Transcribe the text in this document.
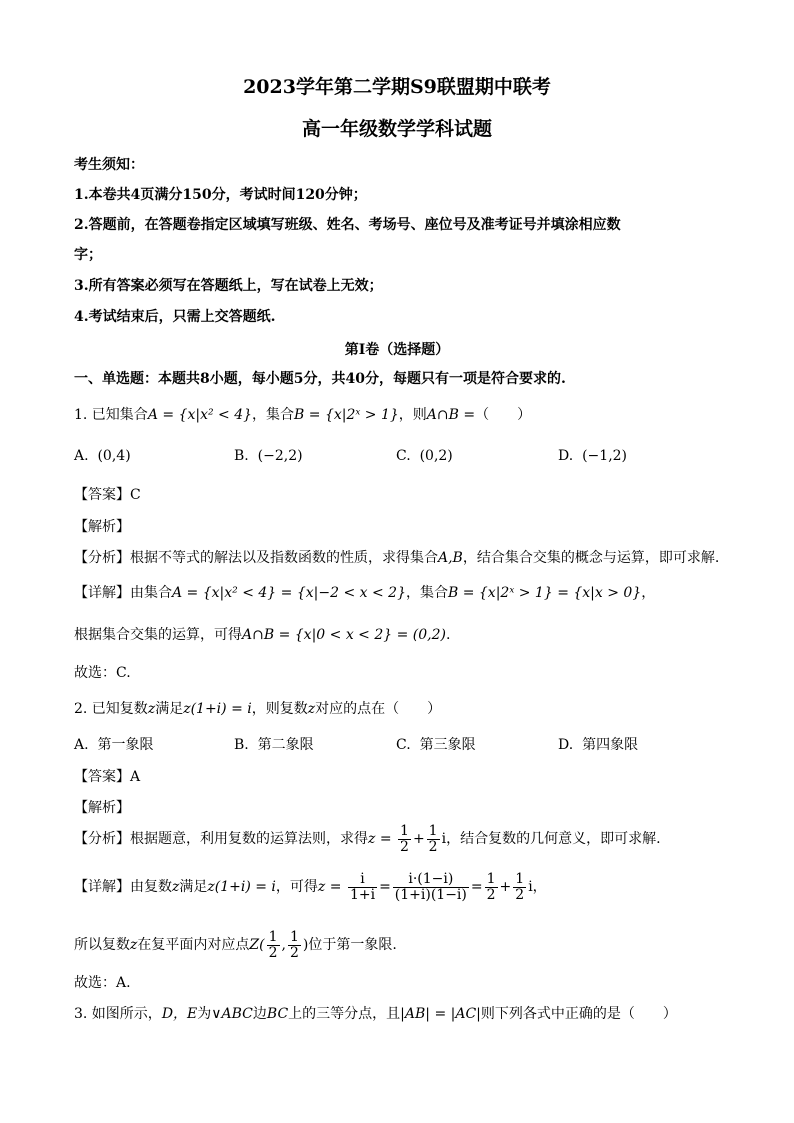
2023学年第二学期S9联盟期中联考
高一年级数学学科试题
考生须知：
1.本卷共4页满分150分，考试时间120分钟；
2.答题前，在答题卷指定区域填写班级、姓名、考场号、座位号及准考证号并填涂相应数
字；
3.所有答案必须写在答题纸上，写在试卷上无效；
4.考试结束后，只需上交答题纸.
第I卷（选择题）
一、单选题：本题共8小题，每小题5分，共40分，每题只有一项是符合要求的.
1. 已知集合A = {x|x² < 4}，集合B = {x|2ˣ > 1}，则A∩B =（　　）
A. (0,4)	B. (−2,2)	C. (0,2)	D. (−1,2)
【答案】C
【解析】
【分析】根据不等式的解法以及指数函数的性质，求得集合A,B，结合集合交集的概念与运算，即可求解.
【详解】由集合A = {x|x² < 4} = {x|−2 < x < 2}，集合B = {x|2ˣ > 1} = {x|x > 0}，
根据集合交集的运算，可得A∩B = {x|0 < x < 2} = (0,2).
故选：C.
2. 已知复数z满足z(1+i) = i，则复数z对应的点在（　　）
A. 第一象限	B. 第二象限	C. 第三象限	D. 第四象限
【答案】A
【解析】
【分析】根据题意，利用复数的运算法则，求得$z = \frac{1}{2} + \frac{1}{2}$ i，结合复数的几何意义，即可求解.
【详解】由复数z满足z(1+i) = i，可得$z = \frac{i}{1+i} = \frac{i\cdot(1-i)}{(1+i)(1-i)} = \frac{1}{2} + \frac{1}{2}$ i，
所以复数z在复平面内对应点$Z( \frac{1}{2}$ , $\frac{1}{2}$ )位于第一象限.
故选：A.
3. 如图所示，D，E为∨ABC边BC上的三等分点，且|AB| = |AC|则下列各式中正确的是（　　）
